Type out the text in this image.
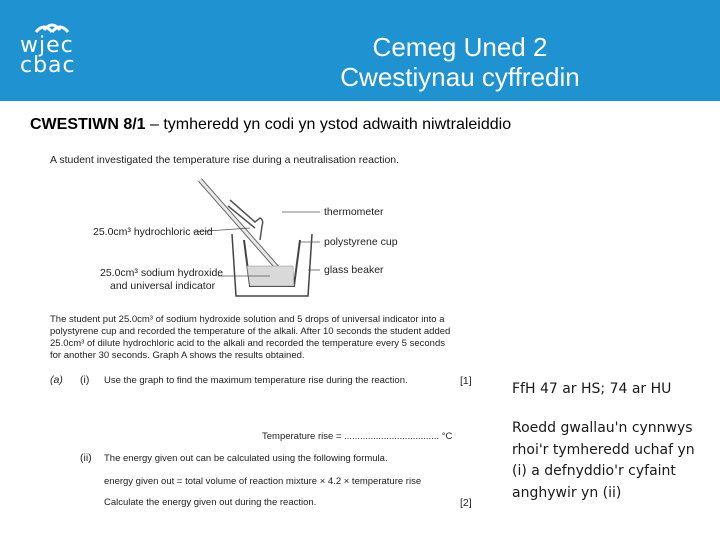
wjec
cbac
Cemeg Uned 2
Cwestiynau cyffredin
CWESTIWN 8/1 – tymheredd yn codi yn ystod adwaith niwtraleiddio
A student investigated the temperature rise during a neutralisation reaction.
thermometer
25.0cm³ hydrochloric acid
polystyrene cup
glass beaker
25.0cm³ sodium hydroxide
and universal indicator
The student put 25.0cm³ of sodium hydroxide solution and 5 drops of universal indicator into a
polystyrene cup and recorded the temperature of the alkali. After 10 seconds the student added
25.0cm³ of dilute hydrochloric acid to the alkali and recorded the temperature every 5 seconds
for another 30 seconds. Graph A shows the results obtained.
(a) (i) Use the graph to find the maximum temperature rise during the reaction.	[1]
Temperature rise = .................................... °C
(ii) The energy given out can be calculated using the following formula.
energy given out = total volume of reaction mixture × 4.2 × temperature rise
Calculate the energy given out during the reaction.	[2]
FfH 47 ar HS; 74 ar HU
Roedd gwallau'n cynnwys rhoi'r tymheredd uchaf yn (i) a defnyddio'r cyfaint anghywir yn (ii)
